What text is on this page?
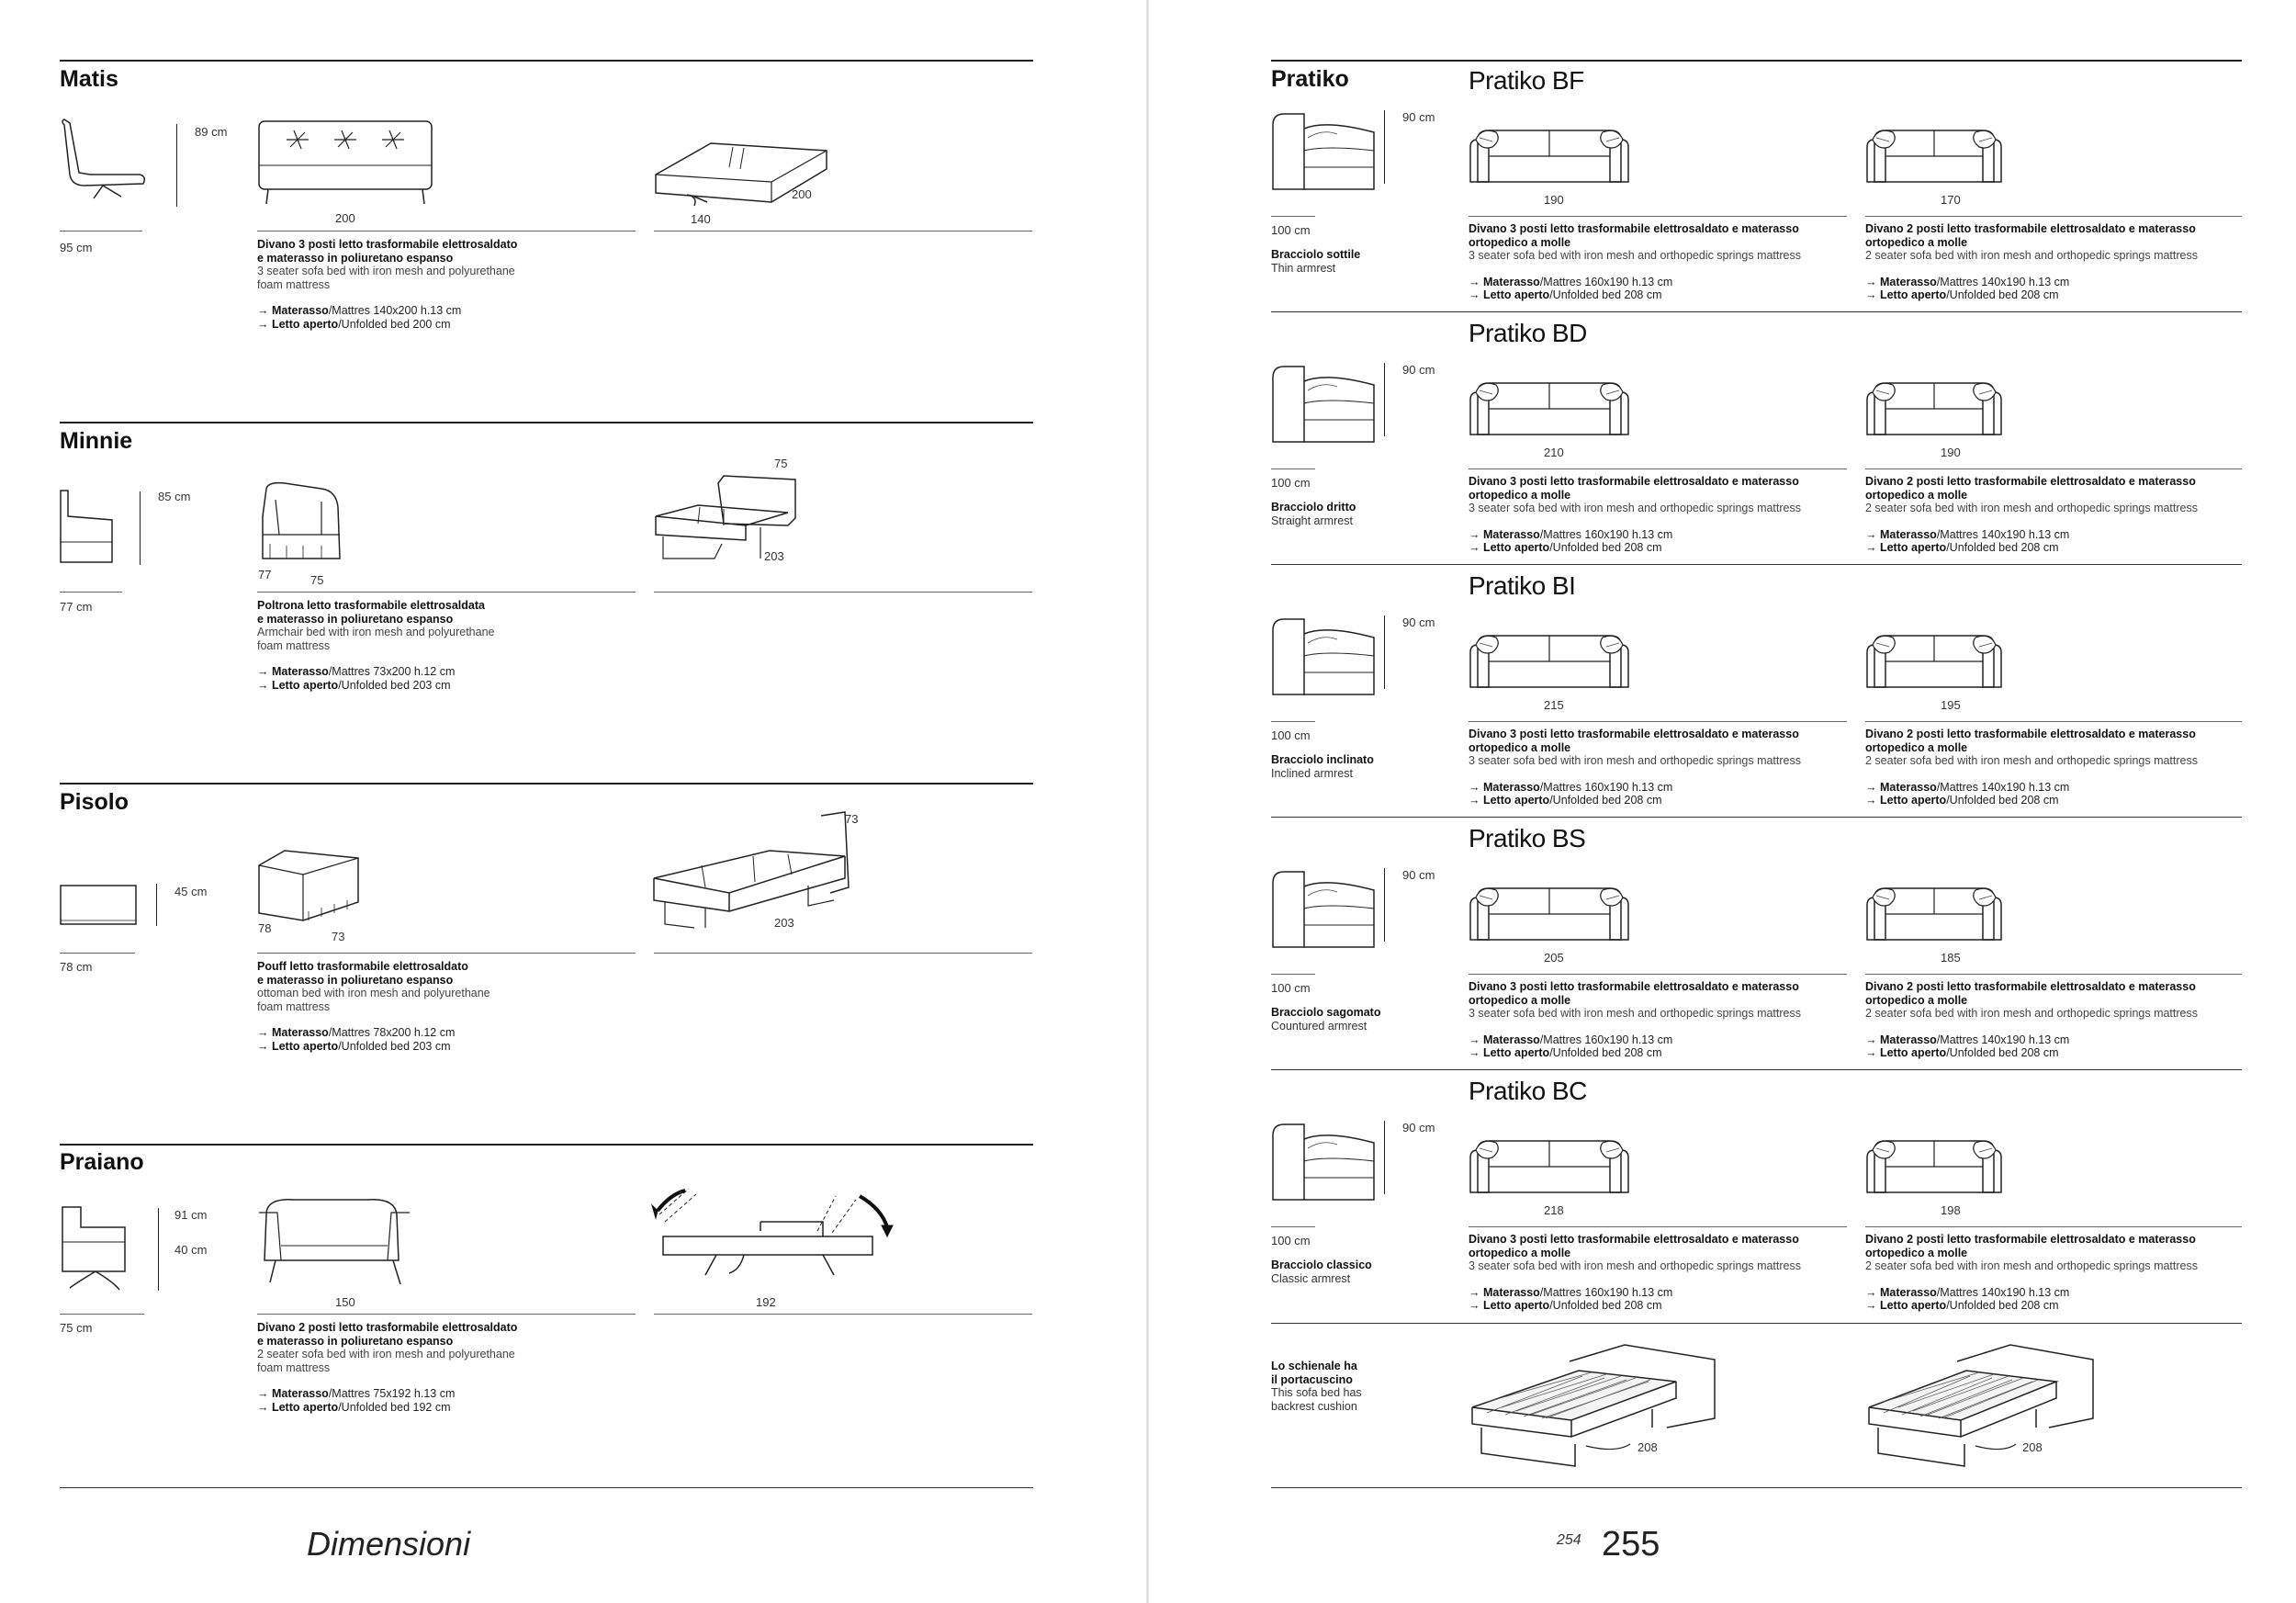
Matis
95 cm
89 cm
200
200
140
Divano 3 posti letto trasformabile elettrosaldato
e materasso in poliuretano espanso
3 seater sofa bed with iron mesh and polyurethane
foam mattress
→ Materasso/Mattres 140x200 h.13 cm
→ Letto aperto/Unfolded bed 200 cm
Minnie
77 cm
85 cm
77	75
75
203
Poltrona letto trasformabile elettrosaldata
e materasso in poliuretano espanso
Armchair bed with iron mesh and polyurethane
foam mattress
→ Materasso/Mattres 73x200 h.12 cm
→ Letto aperto/Unfolded bed 203 cm
Pisolo
78 cm
45 cm
78
73
73
203
Pouff letto trasformabile elettrosaldato
e materasso in poliuretano espanso
ottoman bed with iron mesh and polyurethane
foam mattress
→ Materasso/Mattres 78x200 h.12 cm
→ Letto aperto/Unfolded bed 203 cm
Praiano
75 cm
91 cm
40 cm
150	192
Divano 2 posti letto trasformabile elettrosaldato
e materasso in poliuretano espanso
2 seater sofa bed with iron mesh and polyurethane
foam mattress
→ Materasso/Mattres 75x192 h.13 cm
→ Letto aperto/Unfolded bed 192 cm
Dimensioni
Pratiko	Pratiko BF
90 cm
100 cm
Bracciolo sottile
Thin armrest
190	170
Divano 3 posti letto trasformabile elettrosaldato e materasso
ortopedico a molle
3 seater sofa bed with iron mesh and orthopedic springs mattress
→ Materasso/Mattres 160x190 h.13 cm
→ Letto aperto/Unfolded bed 208 cm
Divano 2 posti letto trasformabile elettrosaldato e materasso
ortopedico a molle
2 seater sofa bed with iron mesh and orthopedic springs mattress
→ Materasso/Mattres 140x190 h.13 cm
→ Letto aperto/Unfolded bed 208 cm
Pratiko BD
90 cm
100 cm
Bracciolo dritto
Straight armrest
210	190
Divano 3 posti letto trasformabile elettrosaldato e materasso
ortopedico a molle
3 seater sofa bed with iron mesh and orthopedic springs mattress
→ Materasso/Mattres 160x190 h.13 cm
→ Letto aperto/Unfolded bed 208 cm
Divano 2 posti letto trasformabile elettrosaldato e materasso
ortopedico a molle
2 seater sofa bed with iron mesh and orthopedic springs mattress
→ Materasso/Mattres 140x190 h.13 cm
→ Letto aperto/Unfolded bed 208 cm
Pratiko BI
90 cm
100 cm
Bracciolo inclinato
Inclined armrest
215	195
Divano 3 posti letto trasformabile elettrosaldato e materasso
ortopedico a molle
3 seater sofa bed with iron mesh and orthopedic springs mattress
→ Materasso/Mattres 160x190 h.13 cm
→ Letto aperto/Unfolded bed 208 cm
Divano 2 posti letto trasformabile elettrosaldato e materasso
ortopedico a molle
2 seater sofa bed with iron mesh and orthopedic springs mattress
→ Materasso/Mattres 140x190 h.13 cm
→ Letto aperto/Unfolded bed 208 cm
Pratiko BS
90 cm
100 cm
Bracciolo sagomato
Countured armrest
205	185
Divano 3 posti letto trasformabile elettrosaldato e materasso
ortopedico a molle
3 seater sofa bed with iron mesh and orthopedic springs mattress
→ Materasso/Mattres 160x190 h.13 cm
→ Letto aperto/Unfolded bed 208 cm
Divano 2 posti letto trasformabile elettrosaldato e materasso
ortopedico a molle
2 seater sofa bed with iron mesh and orthopedic springs mattress
→ Materasso/Mattres 140x190 h.13 cm
→ Letto aperto/Unfolded bed 208 cm
Pratiko BC
90 cm
100 cm
Bracciolo classico
Classic armrest
218	198
Divano 3 posti letto trasformabile elettrosaldato e materasso
ortopedico a molle
3 seater sofa bed with iron mesh and orthopedic springs mattress
→ Materasso/Mattres 160x190 h.13 cm
→ Letto aperto/Unfolded bed 208 cm
Divano 2 posti letto trasformabile elettrosaldato e materasso
ortopedico a molle
2 seater sofa bed with iron mesh and orthopedic springs mattress
→ Materasso/Mattres 140x190 h.13 cm
→ Letto aperto/Unfolded bed 208 cm
Lo schienale ha
il portacuscino
This sofa bed has
backrest cushion
208	208
254 255
